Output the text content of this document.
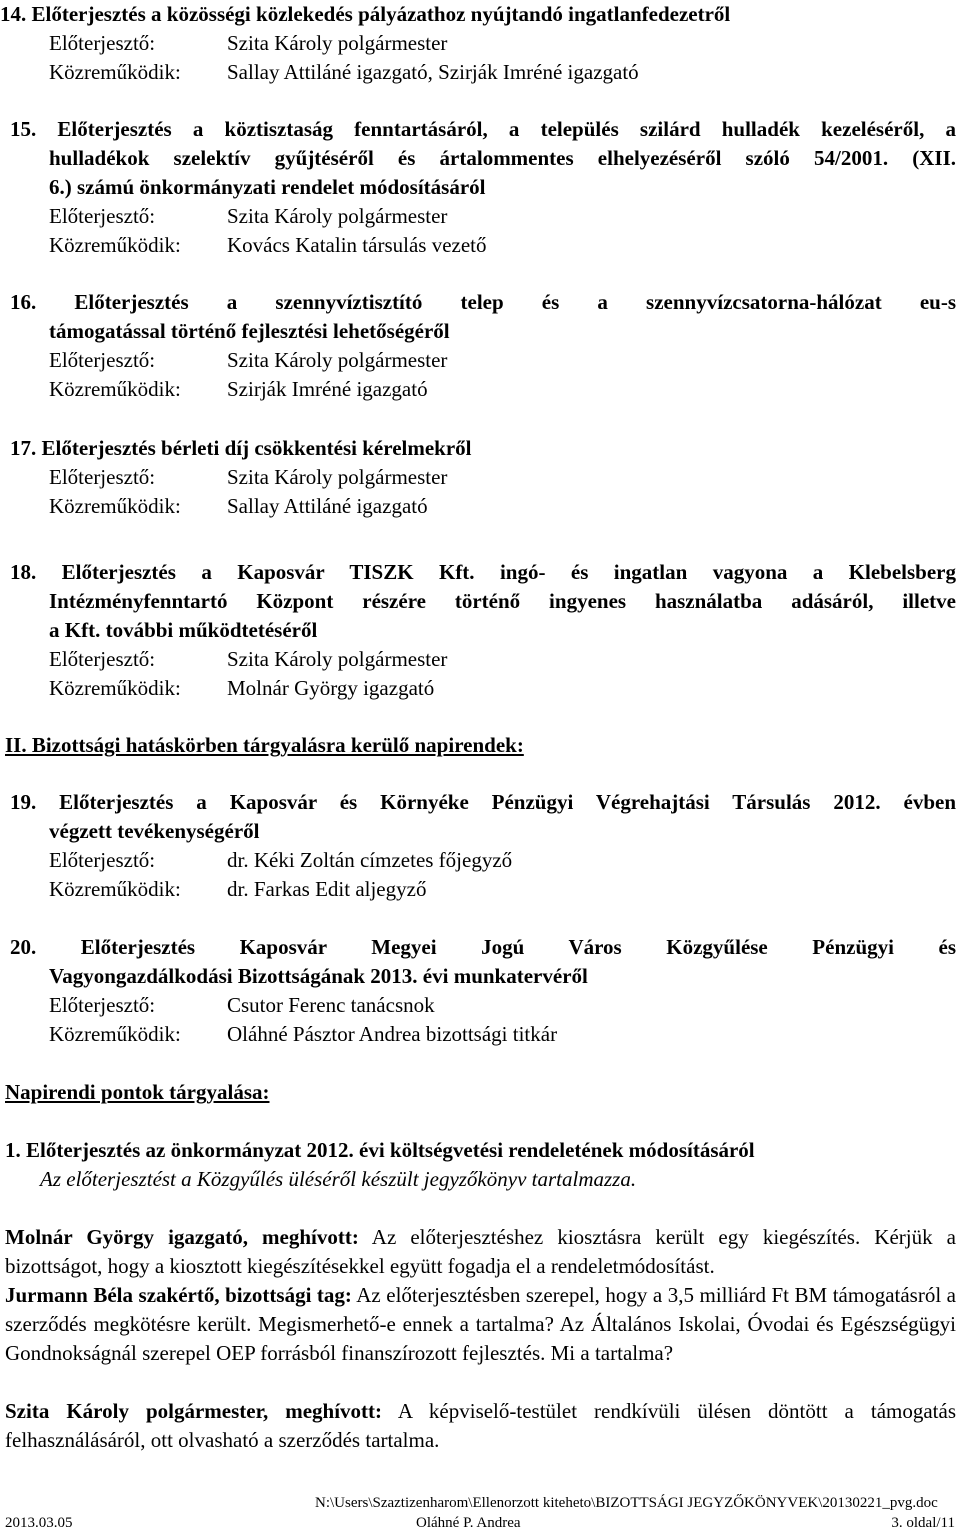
14. Előterjesztés a közösségi közlekedés pályázathoz nyújtandó ingatlanfedezetről
Előterjesztő:	Szita Károly polgármester
Közreműködik: Sallay Attiláné igazgató, Szirják Imréné igazgató
15. Előterjesztés a köztisztaság fenntartásáról, a település szilárd hulladék kezeléséről, a
hulladékok szelektív gyűjtéséről és ártalommentes elhelyezéséről szóló 54/2001. (XII.
6.) számú önkormányzati rendelet módosításáról
Előterjesztő:	Szita Károly polgármester
Közreműködik: Kovács Katalin társulás vezető
16. Előterjesztés a szennyvíztisztító telep és a szennyvízcsatorna-hálózat eu-s
támogatással történő fejlesztési lehetőségéről
Előterjesztő:	Szita Károly polgármester
Közreműködik: Szirják Imréné igazgató
17. Előterjesztés bérleti díj csökkentési kérelmekről
Előterjesztő:	Szita Károly polgármester
Közreműködik: Sallay Attiláné igazgató
18. Előterjesztés a Kaposvár TISZK Kft. ingó- és ingatlan vagyona a Klebelsberg
Intézményfenntartó Központ részére történő ingyenes használatba adásáról, illetve
a Kft. további működtetéséről
Előterjesztő:	Szita Károly polgármester
Közreműködik: Molnár György igazgató
II. Bizottsági hatáskörben tárgyalásra kerülő napirendek:
19. Előterjesztés a Kaposvár és Környéke Pénzügyi Végrehajtási Társulás 2012. évben
végzett tevékenységéről
Előterjesztő:	dr. Kéki Zoltán címzetes főjegyző
Közreműködik: dr. Farkas Edit aljegyző
20. Előterjesztés Kaposvár Megyei Jogú Város Közgyűlése Pénzügyi és
Vagyongazdálkodási Bizottságának 2013. évi munkatervéről
Előterjesztő:	Csutor Ferenc tanácsnok
Közreműködik: Oláhné Pásztor Andrea bizottsági titkár
Napirendi pontok tárgyalása:
1. Előterjesztés az önkormányzat 2012. évi költségvetési rendeletének módosításáról
Az előterjesztést a Közgyűlés üléséről készült jegyzőkönyv tartalmazza.
Molnár György igazgató, meghívott: Az előterjesztéshez kiosztásra került egy kiegészítés. Kérjük a bizottságot, hogy a kiosztott kiegészítésekkel együtt fogadja el a rendeletmódosítást.
Jurmann Béla szakértő, bizottsági tag: Az előterjesztésben szerepel, hogy a 3,5 milliárd Ft BM támogatásról a szerződés megkötésre került. Megismerhető-e ennek a tartalma? Az Általános Iskolai, Óvodai és Egészségügyi Gondnokságnál szerepel OEP forrásból finanszírozott fejlesztés. Mi a tartalma?
Szita Károly polgármester, meghívott: A képviselő-testület rendkívüli ülésen döntött a támogatás felhasználásáról, ott olvasható a szerződés tartalma.
N:\Users\Szaztizenharom\Ellenorzott kiteheto\BIZOTTSÁGI JEGYZŐKÖNYVEK\20130221_pvg.doc
2013.03.05	Oláhné P. Andrea	3. oldal/11
